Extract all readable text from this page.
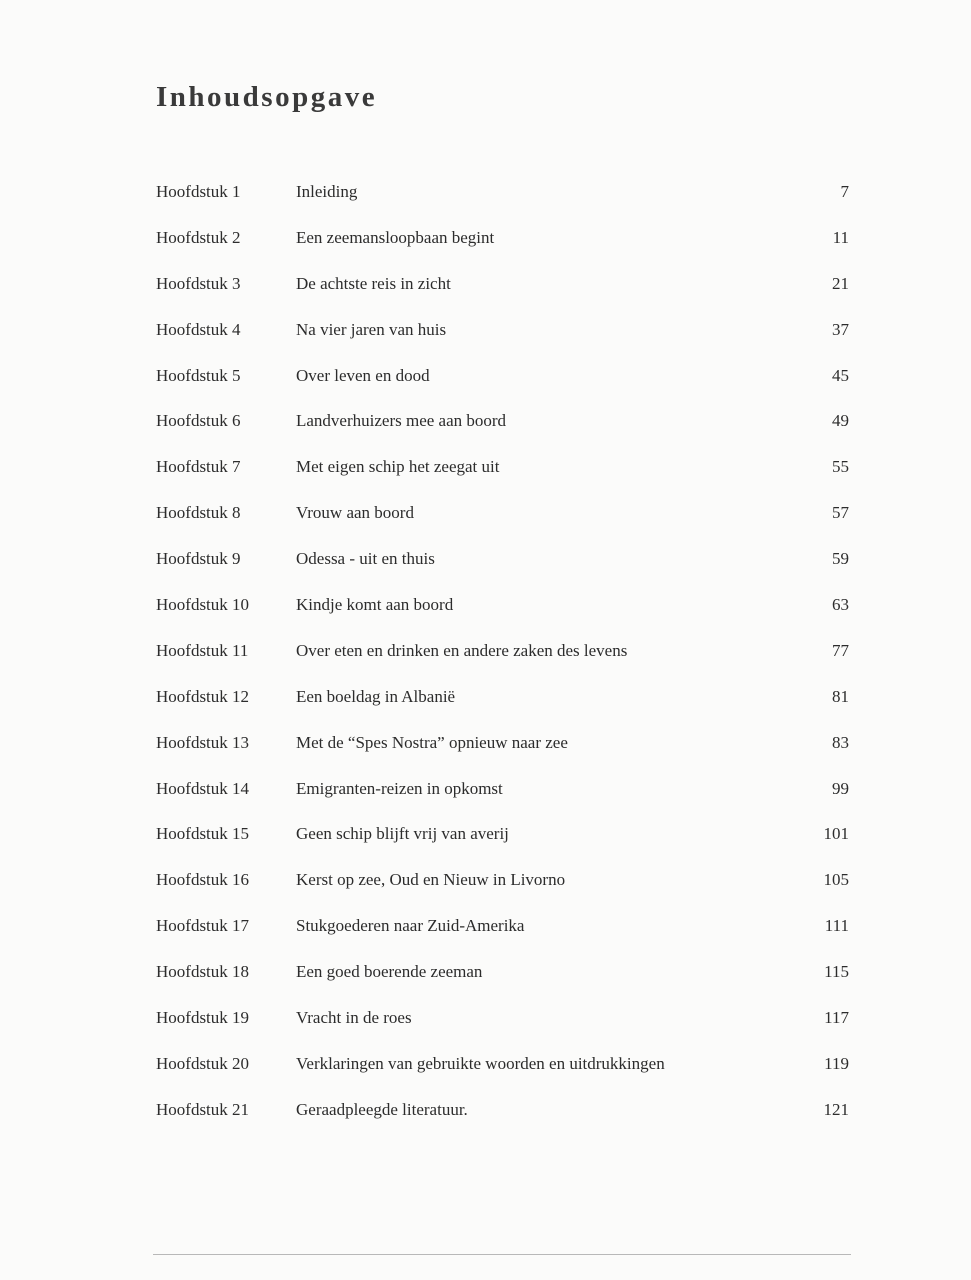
Inhoudsopgave
Hoofdstuk 1	Inleiding	7
Hoofdstuk 2	Een zeemansloopbaan begint	11
Hoofdstuk 3	De achtste reis in zicht	21
Hoofdstuk 4	Na vier jaren van huis	37
Hoofdstuk 5	Over leven en dood	45
Hoofdstuk 6	Landverhuizers mee aan boord	49
Hoofdstuk 7	Met eigen schip het zeegat uit	55
Hoofdstuk 8	Vrouw aan boord	57
Hoofdstuk 9	Odessa - uit en thuis	59
Hoofdstuk 10	Kindje komt aan boord	63
Hoofdstuk 11	Over eten en drinken en andere zaken des levens	77
Hoofdstuk 12	Een boeldag in Albanië	81
Hoofdstuk 13	Met de “Spes Nostra” opnieuw naar zee	83
Hoofdstuk 14	Emigranten-reizen in opkomst	99
Hoofdstuk 15	Geen schip blijft vrij van averij	101
Hoofdstuk 16	Kerst op zee, Oud en Nieuw in Livorno	105
Hoofdstuk 17	Stukgoederen naar Zuid-Amerika	111
Hoofdstuk 18	Een goed boerende zeeman	115
Hoofdstuk 19	Vracht in de roes	117
Hoofdstuk 20	Verklaringen van gebruikte woorden en uitdrukkingen	119
Hoofdstuk 21	Geraadpleegde literatuur.	121
